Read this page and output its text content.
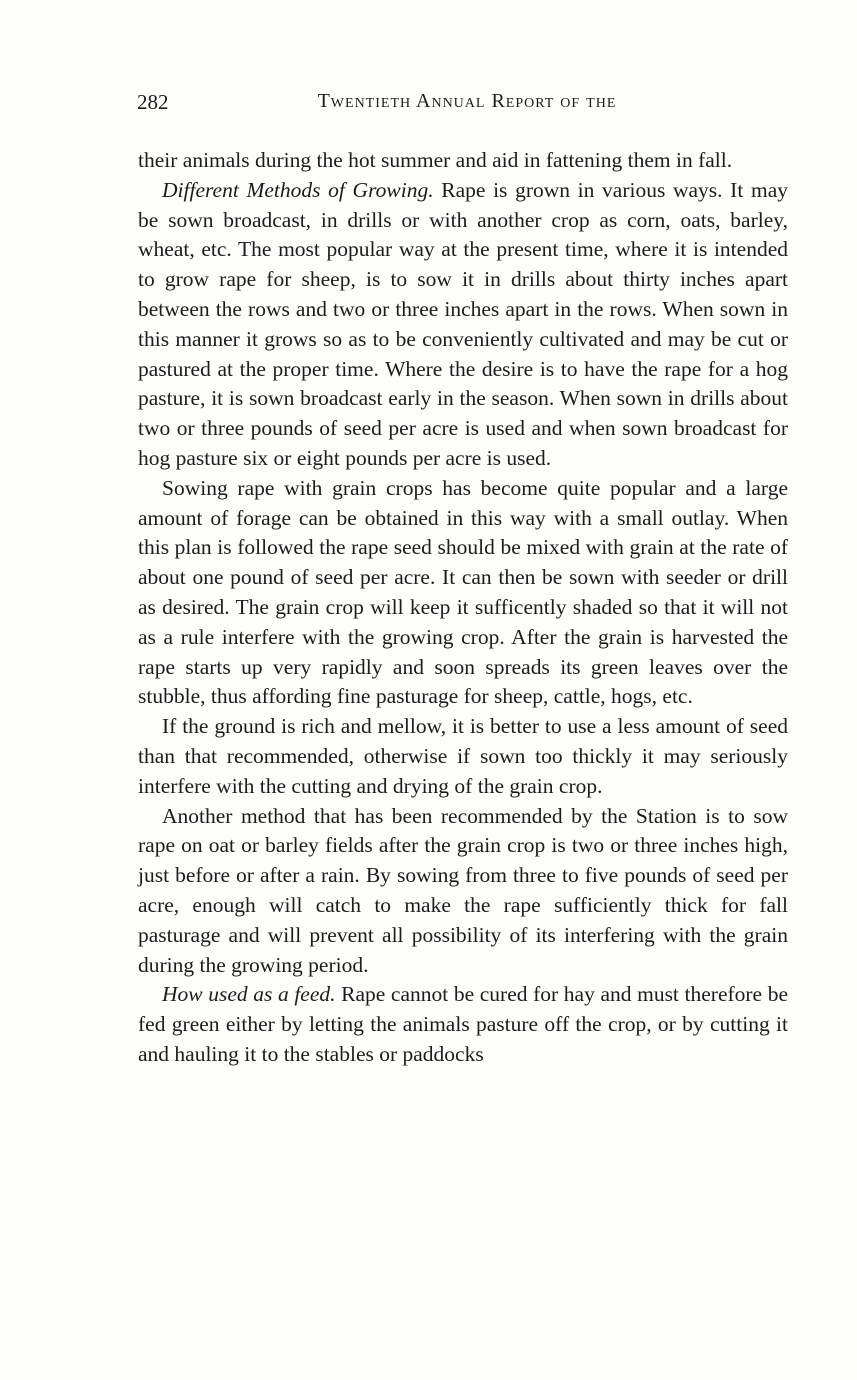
282	Twentieth Annual Report of the

their animals during the hot summer and aid in fattening them in fall.

Different Methods of Growing. Rape is grown in various ways. It may be sown broadcast, in drills or with another crop as corn, oats, barley, wheat, etc. The most popular way at the present time, where it is intended to grow rape for sheep, is to sow it in drills about thirty inches apart between the rows and two or three inches apart in the rows. When sown in this manner it grows so as to be conveniently cultivated and may be cut or pastured at the proper time. Where the desire is to have the rape for a hog pasture, it is sown broadcast early in the season. When sown in drills about two or three pounds of seed per acre is used and when sown broadcast for hog pasture six or eight pounds per acre is used.

Sowing rape with grain crops has become quite popular and a large amount of forage can be obtained in this way with a small outlay. When this plan is followed the rape seed should be mixed with grain at the rate of about one pound of seed per acre. It can then be sown with seeder or drill as desired. The grain crop will keep it sufficently shaded so that it will not as a rule interfere with the growing crop. After the grain is harvested the rape starts up very rapidly and soon spreads its green leaves over the stubble, thus affording fine pasturage for sheep, cattle, hogs, etc.

If the ground is rich and mellow, it is better to use a less amount of seed than that recommended, otherwise if sown too thickly it may seriously interfere with the cutting and drying of the grain crop.

Another method that has been recommended by the Station is to sow rape on oat or barley fields after the grain crop is two or three inches high, just before or after a rain. By sowing from three to five pounds of seed per acre, enough will catch to make the rape sufficiently thick for fall pasturage and will prevent all possibility of its interfering with the grain during the growing period.

How used as a feed. Rape cannot be cured for hay and must therefore be fed green either by letting the animals pasture off the crop, or by cutting it and hauling it to the stables or paddocks
